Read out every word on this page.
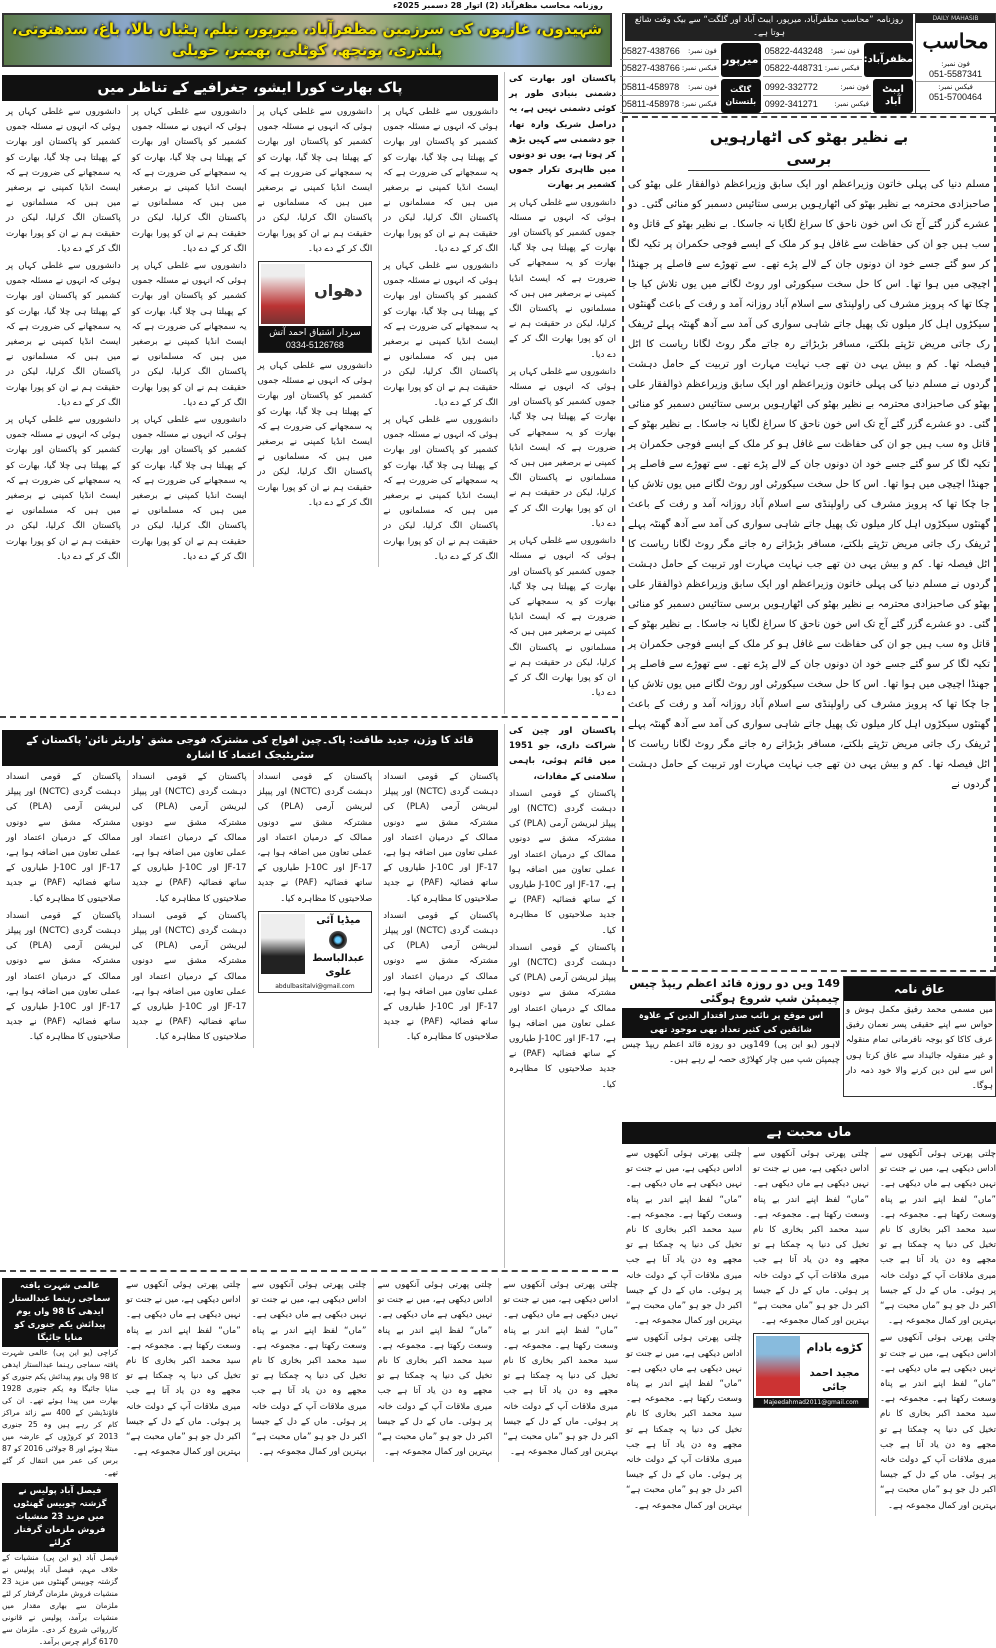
روزنامہ محاسب مظفرآباد (2) اتوار 28 دسمبر 2025ء
شہیدوں، غازیوں کی سرزمین مظفرآباد، میرپور، نیلم، ہٹیاں بالا، باغ، سدھنوتی، پلندری، پونچھ، کوٹلی، بھمبر، حویلی
DAILY MAHASIB
محاسب
فون نمبر:
051-5587341
فیکس نمبر:
051-5700464
روزنامہ ”محاسب مظفرآباد، میرپور، ایبٹ آباد اور گلگت“ سے بیک وقت شائع ہوتا ہے۔
مظفرآباد:
فون نمبر:
05822-443248
فیکس نمبر:
05822-448731
میرپور
فون نمبر:
05827-438766
فیکس نمبر:
05827-438766
ایبٹ آباد
فون نمبر:
0992-332772
فیکس نمبر:
0992-341271
گلگت بلتستان
فون نمبر:
05811-458978
فیکس نمبر:
05811-458978

پاکستان اور بھارت کی دشمنی بنیادی طور پر کوئی دشمنی نہیں ہے، یہ دراصل شریک وارہ تھا، جو دشمنی سے کہیں بڑھ کر ہوتا ہے، یوں تو دونوں میں ظاہری تکرار جموں کشمیر پر بھارت

دانشوروں سے غلطی کہاں پر ہوئی کہ انہوں نے مسئلہ جموں کشمیر کو پاکستان اور بھارت کے پھیلتا ہی چلا گیا، بھارت کو یہ سمجھانے کی ضرورت ہے کہ ایسٹ انڈیا کمپنی نے برصغیر میں ہیں کہ مسلمانوں نے پاکستان الگ کرلیا، لیکن در حقیقت ہم نے ان کو پورا بھارت الگ کر کے دے دیا۔

دانشوروں سے غلطی کہاں پر ہوئی کہ انہوں نے مسئلہ جموں کشمیر کو پاکستان اور بھارت کے پھیلتا ہی چلا گیا، بھارت کو یہ سمجھانے کی ضرورت ہے کہ ایسٹ انڈیا کمپنی نے برصغیر میں ہیں کہ مسلمانوں نے پاکستان الگ کرلیا، لیکن در حقیقت ہم نے ان کو پورا بھارت الگ کر کے دے دیا۔

دانشوروں سے غلطی کہاں پر ہوئی کہ انہوں نے مسئلہ جموں کشمیر کو پاکستان اور بھارت کے پھیلتا ہی چلا گیا، بھارت کو یہ سمجھانے کی ضرورت ہے کہ ایسٹ انڈیا کمپنی نے برصغیر میں ہیں کہ مسلمانوں نے پاکستان الگ کرلیا، لیکن در حقیقت ہم نے ان کو پورا بھارت الگ کر کے دے دیا۔

پاک بھارت کورا ایشو، جغرافیے کے تناظر میں

دانشوروں سے غلطی کہاں پر ہوئی کہ انہوں نے مسئلہ جموں کشمیر کو پاکستان اور بھارت کے پھیلتا ہی چلا گیا، بھارت کو یہ سمجھانے کی ضرورت ہے کہ ایسٹ انڈیا کمپنی نے برصغیر میں ہیں کہ مسلمانوں نے پاکستان الگ کرلیا، لیکن در حقیقت ہم نے ان کو پورا بھارت الگ کر کے دے دیا۔

دانشوروں سے غلطی کہاں پر ہوئی کہ انہوں نے مسئلہ جموں کشمیر کو پاکستان اور بھارت کے پھیلتا ہی چلا گیا، بھارت کو یہ سمجھانے کی ضرورت ہے کہ ایسٹ انڈیا کمپنی نے برصغیر میں ہیں کہ مسلمانوں نے پاکستان الگ کرلیا، لیکن در حقیقت ہم نے ان کو پورا بھارت الگ کر کے دے دیا۔

دانشوروں سے غلطی کہاں پر ہوئی کہ انہوں نے مسئلہ جموں کشمیر کو پاکستان اور بھارت کے پھیلتا ہی چلا گیا، بھارت کو یہ سمجھانے کی ضرورت ہے کہ ایسٹ انڈیا کمپنی نے برصغیر میں ہیں کہ مسلمانوں نے پاکستان الگ کرلیا، لیکن در حقیقت ہم نے ان کو پورا بھارت الگ کر کے دے دیا۔

دانشوروں سے غلطی کہاں پر ہوئی کہ انہوں نے مسئلہ جموں کشمیر کو پاکستان اور بھارت کے پھیلتا ہی چلا گیا، بھارت کو یہ سمجھانے کی ضرورت ہے کہ ایسٹ انڈیا کمپنی نے برصغیر میں ہیں کہ مسلمانوں نے پاکستان الگ کرلیا، لیکن در حقیقت ہم نے ان کو پورا بھارت الگ کر کے دے دیا۔

دھواں
سردار اشتیاق احمد آتش
0334-5126768

دانشوروں سے غلطی کہاں پر ہوئی کہ انہوں نے مسئلہ جموں کشمیر کو پاکستان اور بھارت کے پھیلتا ہی چلا گیا، بھارت کو یہ سمجھانے کی ضرورت ہے کہ ایسٹ انڈیا کمپنی نے برصغیر میں ہیں کہ مسلمانوں نے پاکستان الگ کرلیا، لیکن در حقیقت ہم نے ان کو پورا بھارت الگ کر کے دے دیا۔

دانشوروں سے غلطی کہاں پر ہوئی کہ انہوں نے مسئلہ جموں کشمیر کو پاکستان اور بھارت کے پھیلتا ہی چلا گیا، بھارت کو یہ سمجھانے کی ضرورت ہے کہ ایسٹ انڈیا کمپنی نے برصغیر میں ہیں کہ مسلمانوں نے پاکستان الگ کرلیا، لیکن در حقیقت ہم نے ان کو پورا بھارت الگ کر کے دے دیا۔

دانشوروں سے غلطی کہاں پر ہوئی کہ انہوں نے مسئلہ جموں کشمیر کو پاکستان اور بھارت کے پھیلتا ہی چلا گیا، بھارت کو یہ سمجھانے کی ضرورت ہے کہ ایسٹ انڈیا کمپنی نے برصغیر میں ہیں کہ مسلمانوں نے پاکستان الگ کرلیا، لیکن در حقیقت ہم نے ان کو پورا بھارت الگ کر کے دے دیا۔

دانشوروں سے غلطی کہاں پر ہوئی کہ انہوں نے مسئلہ جموں کشمیر کو پاکستان اور بھارت کے پھیلتا ہی چلا گیا، بھارت کو یہ سمجھانے کی ضرورت ہے کہ ایسٹ انڈیا کمپنی نے برصغیر میں ہیں کہ مسلمانوں نے پاکستان الگ کرلیا، لیکن در حقیقت ہم نے ان کو پورا بھارت الگ کر کے دے دیا۔

دانشوروں سے غلطی کہاں پر ہوئی کہ انہوں نے مسئلہ جموں کشمیر کو پاکستان اور بھارت کے پھیلتا ہی چلا گیا، بھارت کو یہ سمجھانے کی ضرورت ہے کہ ایسٹ انڈیا کمپنی نے برصغیر میں ہیں کہ مسلمانوں نے پاکستان الگ کرلیا، لیکن در حقیقت ہم نے ان کو پورا بھارت الگ کر کے دے دیا۔

دانشوروں سے غلطی کہاں پر ہوئی کہ انہوں نے مسئلہ جموں کشمیر کو پاکستان اور بھارت کے پھیلتا ہی چلا گیا، بھارت کو یہ سمجھانے کی ضرورت ہے کہ ایسٹ انڈیا کمپنی نے برصغیر میں ہیں کہ مسلمانوں نے پاکستان الگ کرلیا، لیکن در حقیقت ہم نے ان کو پورا بھارت الگ کر کے دے دیا۔

دانشوروں سے غلطی کہاں پر ہوئی کہ انہوں نے مسئلہ جموں کشمیر کو پاکستان اور بھارت کے پھیلتا ہی چلا گیا، بھارت کو یہ سمجھانے کی ضرورت ہے کہ ایسٹ انڈیا کمپنی نے برصغیر میں ہیں کہ مسلمانوں نے پاکستان الگ کرلیا، لیکن در حقیقت ہم نے ان کو پورا بھارت الگ کر کے دے دیا۔

بے نظیر بھٹو کی اٹھارہویں برسی
مسلم دنیا کی پہلی خاتون وزیراعظم اور ایک سابق وزیراعظم ذوالفقار علی بھٹو کی صاحبزادی محترمہ بے نظیر بھٹو کی اٹھارہویں برسی ستائیس دسمبر کو منائی گئی۔ دو عشرے گزر گئے آج تک اس خون ناحق کا سراغ لگایا نہ جاسکا۔ بے نظیر بھٹو کے قاتل وہ سب ہیں جو ان کی حفاظت سے غافل ہو کر ملک کے ایسے فوجی حکمران پر تکیہ لگا کر سو گئے جسے خود ان دونوں جان کے لالے پڑے تھے۔ سے تھوڑے سے فاصلے پر جھنڈا اچیچی میں ہوا تھا۔ اس کا حل سخت سیکورٹی اور روٹ لگانے میں یوں تلاش کیا جا چکا تھا کہ پرویز مشرف کی راولپنڈی سے اسلام آباد روزانہ آمد و رفت کے باعث گھنٹوں سیکڑوں اہل کار میلوں تک پھیل جاتے شاہی سواری کی آمد سے آدھ گھنٹہ پہلے ٹریفک رک جاتی مریض تڑپتے بلکتے، مسافر بڑبڑاتے رہ جاتے مگر روٹ لگانا ریاست کا اٹل فیصلہ تھا۔ کم و بیش یہی دن تھے جب نہایت مہارت اور تربیت کے حامل دہشت گردوں نے مسلم دنیا کی پہلی خاتون وزیراعظم اور ایک سابق وزیراعظم ذوالفقار علی بھٹو کی صاحبزادی محترمہ بے نظیر بھٹو کی اٹھارہویں برسی ستائیس دسمبر کو منائی گئی۔ دو عشرے گزر گئے آج تک اس خون ناحق کا سراغ لگایا نہ جاسکا۔ بے نظیر بھٹو کے قاتل وہ سب ہیں جو ان کی حفاظت سے غافل ہو کر ملک کے ایسے فوجی حکمران پر تکیہ لگا کر سو گئے جسے خود ان دونوں جان کے لالے پڑے تھے۔ سے تھوڑے سے فاصلے پر جھنڈا اچیچی میں ہوا تھا۔ اس کا حل سخت سیکورٹی اور روٹ لگانے میں یوں تلاش کیا جا چکا تھا کہ پرویز مشرف کی راولپنڈی سے اسلام آباد روزانہ آمد و رفت کے باعث گھنٹوں سیکڑوں اہل کار میلوں تک پھیل جاتے شاہی سواری کی آمد سے آدھ گھنٹہ پہلے ٹریفک رک جاتی مریض تڑپتے بلکتے، مسافر بڑبڑاتے رہ جاتے مگر روٹ لگانا ریاست کا اٹل فیصلہ تھا۔ کم و بیش یہی دن تھے جب نہایت مہارت اور تربیت کے حامل دہشت گردوں نے مسلم دنیا کی پہلی خاتون وزیراعظم اور ایک سابق وزیراعظم ذوالفقار علی بھٹو کی صاحبزادی محترمہ بے نظیر بھٹو کی اٹھارہویں برسی ستائیس دسمبر کو منائی گئی۔ دو عشرے گزر گئے آج تک اس خون ناحق کا سراغ لگایا نہ جاسکا۔ بے نظیر بھٹو کے قاتل وہ سب ہیں جو ان کی حفاظت سے غافل ہو کر ملک کے ایسے فوجی حکمران پر تکیہ لگا کر سو گئے جسے خود ان دونوں جان کے لالے پڑے تھے۔ سے تھوڑے سے فاصلے پر جھنڈا اچیچی میں ہوا تھا۔ اس کا حل سخت سیکورٹی اور روٹ لگانے میں یوں تلاش کیا جا چکا تھا کہ پرویز مشرف کی راولپنڈی سے اسلام آباد روزانہ آمد و رفت کے باعث گھنٹوں سیکڑوں اہل کار میلوں تک پھیل جاتے شاہی سواری کی آمد سے آدھ گھنٹہ پہلے ٹریفک رک جاتی مریض تڑپتے بلکتے، مسافر بڑبڑاتے رہ جاتے مگر روٹ لگانا ریاست کا اٹل فیصلہ تھا۔ کم و بیش یہی دن تھے جب نہایت مہارت اور تربیت کے حامل دہشت گردوں نے

پاکستان اور چین کی شراکت داری، جو 1951 میں قائم ہوئی، باہمی سلامتی کے مفادات،

پاکستان کے قومی انسداد دہشت گردی (NCTC) اور پیپلز لبریشن آرمی (PLA) کی مشترکہ مشق سے دونوں ممالک کے درمیان اعتماد اور عملی تعاون میں اضافہ ہوا ہے، JF-17 اور J-10C طیاروں کے ساتھ فضائیہ (PAF) نے جدید صلاحیتوں کا مظاہرہ کیا۔

پاکستان کے قومی انسداد دہشت گردی (NCTC) اور پیپلز لبریشن آرمی (PLA) کی مشترکہ مشق سے دونوں ممالک کے درمیان اعتماد اور عملی تعاون میں اضافہ ہوا ہے، JF-17 اور J-10C طیاروں کے ساتھ فضائیہ (PAF) نے جدید صلاحیتوں کا مظاہرہ کیا۔

قائد کا وژن، جدید طاقت: پاک۔چین افواج کی مشترکہ فوجی مشق 'واریئر نائن' پاکستان کے سٹریٹیجک اعتماد کا اشارہ

پاکستان کے قومی انسداد دہشت گردی (NCTC) اور پیپلز لبریشن آرمی (PLA) کی مشترکہ مشق سے دونوں ممالک کے درمیان اعتماد اور عملی تعاون میں اضافہ ہوا ہے، JF-17 اور J-10C طیاروں کے ساتھ فضائیہ (PAF) نے جدید صلاحیتوں کا مظاہرہ کیا۔

پاکستان کے قومی انسداد دہشت گردی (NCTC) اور پیپلز لبریشن آرمی (PLA) کی مشترکہ مشق سے دونوں ممالک کے درمیان اعتماد اور عملی تعاون میں اضافہ ہوا ہے، JF-17 اور J-10C طیاروں کے ساتھ فضائیہ (PAF) نے جدید صلاحیتوں کا مظاہرہ کیا۔

پاکستان کے قومی انسداد دہشت گردی (NCTC) اور پیپلز لبریشن آرمی (PLA) کی مشترکہ مشق سے دونوں ممالک کے درمیان اعتماد اور عملی تعاون میں اضافہ ہوا ہے، JF-17 اور J-10C طیاروں کے ساتھ فضائیہ (PAF) نے جدید صلاحیتوں کا مظاہرہ کیا۔

میڈیا آئی
عبدالباسط علوی
abdulbasitalvi@gmail.com

پاکستان کے قومی انسداد دہشت گردی (NCTC) اور پیپلز لبریشن آرمی (PLA) کی مشترکہ مشق سے دونوں ممالک کے درمیان اعتماد اور عملی تعاون میں اضافہ ہوا ہے، JF-17 اور J-10C طیاروں کے ساتھ فضائیہ (PAF) نے جدید صلاحیتوں کا مظاہرہ کیا۔

پاکستان کے قومی انسداد دہشت گردی (NCTC) اور پیپلز لبریشن آرمی (PLA) کی مشترکہ مشق سے دونوں ممالک کے درمیان اعتماد اور عملی تعاون میں اضافہ ہوا ہے، JF-17 اور J-10C طیاروں کے ساتھ فضائیہ (PAF) نے جدید صلاحیتوں کا مظاہرہ کیا۔

پاکستان کے قومی انسداد دہشت گردی (NCTC) اور پیپلز لبریشن آرمی (PLA) کی مشترکہ مشق سے دونوں ممالک کے درمیان اعتماد اور عملی تعاون میں اضافہ ہوا ہے، JF-17 اور J-10C طیاروں کے ساتھ فضائیہ (PAF) نے جدید صلاحیتوں کا مظاہرہ کیا۔

پاکستان کے قومی انسداد دہشت گردی (NCTC) اور پیپلز لبریشن آرمی (PLA) کی مشترکہ مشق سے دونوں ممالک کے درمیان اعتماد اور عملی تعاون میں اضافہ ہوا ہے، JF-17 اور J-10C طیاروں کے ساتھ فضائیہ (PAF) نے جدید صلاحیتوں کا مظاہرہ کیا۔

149 ویں دو روزہ قائد اعظم ریپڈ چیس چیمپئن شپ شروع ہوگئی
اس موقع پر نائب صدر اقتدار الدین کے علاوہ شائقین کی کثیر تعداد بھی موجود تھی
لاہور (یو این پی) 149ویں دو روزہ قائد اعظم ریپڈ چیس چیمپئن شپ میں چار کھلاڑی حصہ لے رہے ہیں۔
عاق نامہ
میں مسمی محمد رفیق مکمل ہوش و حواس سے اپنے حقیقی پسر نعمان رفیق عرف کاکا کو بوجہ نافرمانی تمام منقولہ و غیر منقولہ جائیداد سے عاق کرتا ہوں اس سے لین دین کرنے والا خود ذمہ دار ہوگا۔
ماں محبت ہے

چلتی پھرتی ہوئی آنکھوں سے اداس دیکھی ہے، میں نے جنت تو نہیں دیکھی ہے ماں دیکھی ہے۔ ”ماں“ لفظ اپنے اندر بے پناہ وسعت رکھتا ہے۔ مجموعہ ہے۔ سید محمد اکبر بخاری کا نام تخیل کی دنیا پہ چمکتا ہے تو مجھے وہ دن یاد آتا ہے جب میری ملاقات آپ کے دولت خانہ پر ہوئی۔ ماں کے دل کے جیسا اکبر دل جو ہو ”ماں محبت ہے“ بہترین اور کمال مجموعہ ہے۔

چلتی پھرتی ہوئی آنکھوں سے اداس دیکھی ہے، میں نے جنت تو نہیں دیکھی ہے ماں دیکھی ہے۔ ”ماں“ لفظ اپنے اندر بے پناہ وسعت رکھتا ہے۔ مجموعہ ہے۔ سید محمد اکبر بخاری کا نام تخیل کی دنیا پہ چمکتا ہے تو مجھے وہ دن یاد آتا ہے جب میری ملاقات آپ کے دولت خانہ پر ہوئی۔ ماں کے دل کے جیسا اکبر دل جو ہو ”ماں محبت ہے“ بہترین اور کمال مجموعہ ہے۔

چلتی پھرتی ہوئی آنکھوں سے اداس دیکھی ہے، میں نے جنت تو نہیں دیکھی ہے ماں دیکھی ہے۔ ”ماں“ لفظ اپنے اندر بے پناہ وسعت رکھتا ہے۔ مجموعہ ہے۔ سید محمد اکبر بخاری کا نام تخیل کی دنیا پہ چمکتا ہے تو مجھے وہ دن یاد آتا ہے جب میری ملاقات آپ کے دولت خانہ پر ہوئی۔ ماں کے دل کے جیسا اکبر دل جو ہو ”ماں محبت ہے“ بہترین اور کمال مجموعہ ہے۔

کڑوے بادام
مجید احمد جائی
Majeedahmad2011@gmail.com

چلتی پھرتی ہوئی آنکھوں سے اداس دیکھی ہے، میں نے جنت تو نہیں دیکھی ہے ماں دیکھی ہے۔ ”ماں“ لفظ اپنے اندر بے پناہ وسعت رکھتا ہے۔ مجموعہ ہے۔ سید محمد اکبر بخاری کا نام تخیل کی دنیا پہ چمکتا ہے تو مجھے وہ دن یاد آتا ہے جب میری ملاقات آپ کے دولت خانہ پر ہوئی۔ ماں کے دل کے جیسا اکبر دل جو ہو ”ماں محبت ہے“ بہترین اور کمال مجموعہ ہے۔

چلتی پھرتی ہوئی آنکھوں سے اداس دیکھی ہے، میں نے جنت تو نہیں دیکھی ہے ماں دیکھی ہے۔ ”ماں“ لفظ اپنے اندر بے پناہ وسعت رکھتا ہے۔ مجموعہ ہے۔ سید محمد اکبر بخاری کا نام تخیل کی دنیا پہ چمکتا ہے تو مجھے وہ دن یاد آتا ہے جب میری ملاقات آپ کے دولت خانہ پر ہوئی۔ ماں کے دل کے جیسا اکبر دل جو ہو ”ماں محبت ہے“ بہترین اور کمال مجموعہ ہے۔

چلتی پھرتی ہوئی آنکھوں سے اداس دیکھی ہے، میں نے جنت تو نہیں دیکھی ہے ماں دیکھی ہے۔ ”ماں“ لفظ اپنے اندر بے پناہ وسعت رکھتا ہے۔ مجموعہ ہے۔ سید محمد اکبر بخاری کا نام تخیل کی دنیا پہ چمکتا ہے تو مجھے وہ دن یاد آتا ہے جب میری ملاقات آپ کے دولت خانہ پر ہوئی۔ ماں کے دل کے جیسا اکبر دل جو ہو ”ماں محبت ہے“ بہترین اور کمال مجموعہ ہے۔

چلتی پھرتی ہوئی آنکھوں سے اداس دیکھی ہے، میں نے جنت تو نہیں دیکھی ہے ماں دیکھی ہے۔ ”ماں“ لفظ اپنے اندر بے پناہ وسعت رکھتا ہے۔ مجموعہ ہے۔ سید محمد اکبر بخاری کا نام تخیل کی دنیا پہ چمکتا ہے تو مجھے وہ دن یاد آتا ہے جب میری ملاقات آپ کے دولت خانہ پر ہوئی۔ ماں کے دل کے جیسا اکبر دل جو ہو ”ماں محبت ہے“ بہترین اور کمال مجموعہ ہے۔

چلتی پھرتی ہوئی آنکھوں سے اداس دیکھی ہے، میں نے جنت تو نہیں دیکھی ہے ماں دیکھی ہے۔ ”ماں“ لفظ اپنے اندر بے پناہ وسعت رکھتا ہے۔ مجموعہ ہے۔ سید محمد اکبر بخاری کا نام تخیل کی دنیا پہ چمکتا ہے تو مجھے وہ دن یاد آتا ہے جب میری ملاقات آپ کے دولت خانہ پر ہوئی۔ ماں کے دل کے جیسا اکبر دل جو ہو ”ماں محبت ہے“ بہترین اور کمال مجموعہ ہے۔

چلتی پھرتی ہوئی آنکھوں سے اداس دیکھی ہے، میں نے جنت تو نہیں دیکھی ہے ماں دیکھی ہے۔ ”ماں“ لفظ اپنے اندر بے پناہ وسعت رکھتا ہے۔ مجموعہ ہے۔ سید محمد اکبر بخاری کا نام تخیل کی دنیا پہ چمکتا ہے تو مجھے وہ دن یاد آتا ہے جب میری ملاقات آپ کے دولت خانہ پر ہوئی۔ ماں کے دل کے جیسا اکبر دل جو ہو ”ماں محبت ہے“ بہترین اور کمال مجموعہ ہے۔

عالمی شہرت یافتہ سماجی رہنما عبدالستار ایدھی کا 98 واں یوم پیدائش یکم جنوری کو منایا جائیگا
کراچی (یو این پی) عالمی شہرت یافتہ سماجی رہنما عبدالستار ایدھی کا 98 واں یوم پیدائش یکم جنوری کو منایا جائیگا وہ یکم جنوری 1928 بھارت میں پیدا ہوئے تھے۔ ان کی فاؤنڈیشن کے 400 سے زائد مراکز کام کر رہے ہیں وہ 25 جنوری 2013 کو کروڑوں کے عارضہ میں مبتلا ہوئے اور 8 جولائی 2016 کو 87 برس کی عمر میں انتقال کر گئے تھے۔
فیصل آباد پولیس نے گزشتہ چوبیس گھنٹوں میں مزید 23 منشیات فروش ملزمان گرفتار کرلئے
فیصل آباد (یو این پی) منشیات کے خلاف مہم، فیصل آباد پولیس نے گزشتہ چوبیس گھنٹوں میں مزید 23 منشیات فروش ملزمان گرفتار کر لئے ملزمان سے بھاری مقدار میں منشیات برآمد، پولیس نے قانونی کارروائی شروع کر دی۔ ملزمان سے 6170 گرام چرس برآمد۔
